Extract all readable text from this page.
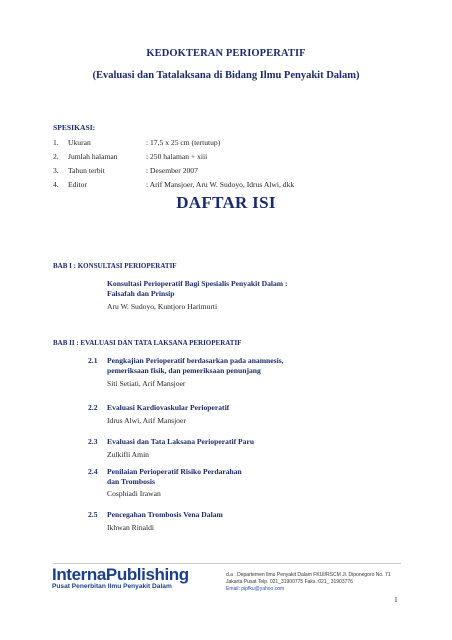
KEDOKTERAN PERIOPERATIF
(Evaluasi dan Tatalaksana di Bidang Ilmu Penyakit Dalam)
SPESIKASI:
1. Ukuran	: 17,5 x 25 cm (tertutup)
2. Jumlah halaman	: 250 halaman + xiii
3. Tahun terbit	: Desember 2007
4. Editor	: Arif Mansjoer, Aru W. Sudoyo, Idrus Alwi, dkk
DAFTAR ISI
BAB I : KONSULTASI PERIOPERATIF
Konsultasi Perioperatif Bagi Spesialis Penyakit Dalam :
Falsafah dan Prinsip
Aru W. Sudoyo, Kuntjoro Harimurti
BAB II : EVALUASI DAN TATA LAKSANA PERIOPERATIF
2.1 Pengkajian Perioperatif berdasarkan pada anamnesis,
pemeriksaan fisik, dan pemeriksaan penunjang
Siti Setiati, Arif Mansjoer
2.2 Evaluasi Kardiovaskular Perioperatif
Idrus Alwi, Arif Mansjoer
2.3 Evaluasi dan Tata Laksana Perioperatif Paru
Zulkifli Amin
2.4 Penilaian Perioperatif Risiko Perdarahan
dan Trombosis
Cosphiadi Irawan
2.5 Pencegahan Trombosis Vena Dalam
Ikhwan Rinaldi
InternaPublishing
Pusat Penerbitan Ilmu Penyakit Dalam
d.a : Departemen Ilmu Penyakit Dalam FKUI/RSCM Jl. Diponegoro No. 71
Jakarta Pusat Telp. 021_31900775 Faks.:021_ 31903776
Email: pipfku@yahoo.com
1
